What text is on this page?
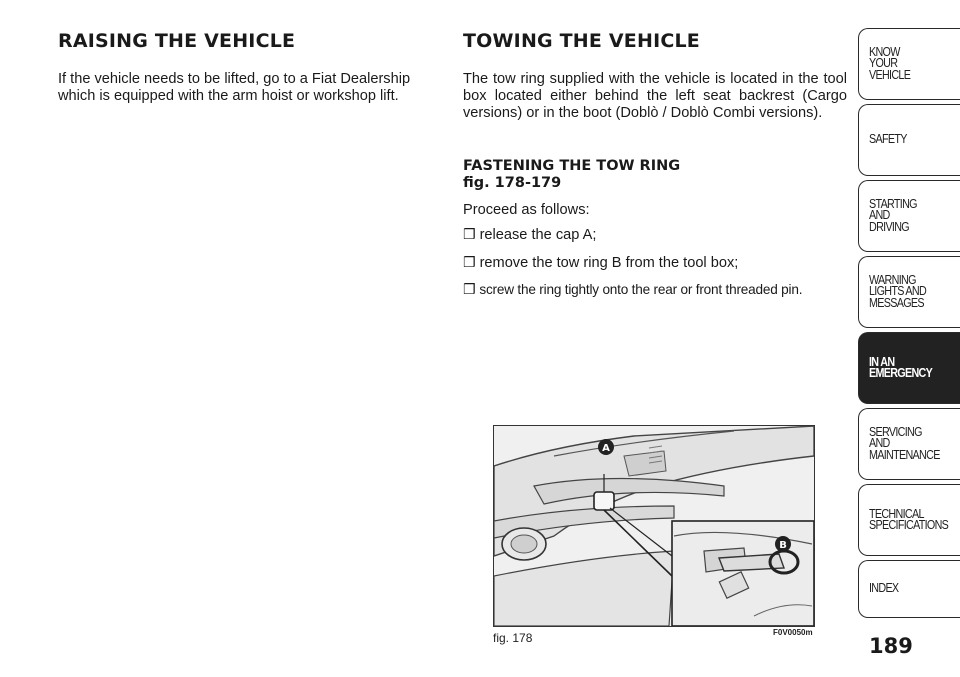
RAISING THE VEHICLE

If the vehicle needs to be lifted, go to a Fiat Dealership which is equipped with the arm hoist or workshop lift.

TOWING THE VEHICLE

The tow ring supplied with the vehicle is located in the tool box located either behind the left seat backrest (Cargo versions) or in the boot (Doblò / Doblò Combi versions).

FASTENING THE TOW RING
fig. 178-179

Proceed as follows:

❒ release the cap A;
❒ remove the tow ring B from the tool box;
❒ screw the ring tightly onto the rear or front threaded pin.
A
B
fig. 178	F0V0050m
189
KNOW
YOUR
VEHICLE
SAFETY
STARTING
AND
DRIVING
WARNING
LIGHTS AND
MESSAGES
IN AN
EMERGENCY
SERVICING
AND
MAINTENANCE
TECHNICAL
SPECIFICATIONS
INDEX
